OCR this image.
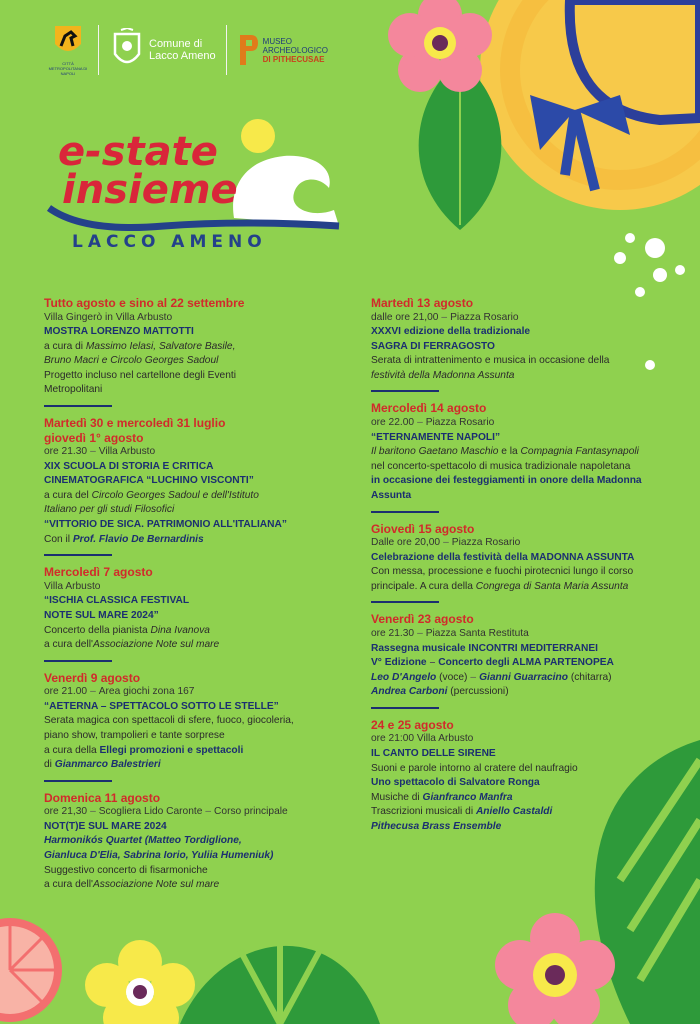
CITTÀ METROPOLITANA DI NAPOLI
Comune di
Lacco Ameno
MUSEO
ARCHEOLOGICO
DI PITHECUSAE
e-state
insieme
LACCO AMENO
Tutto agosto e sino al 22 settembre
Villa Gingerò in Villa Arbusto
MOSTRA LORENZO MATTOTTI
a cura di Massimo Ielasi, Salvatore Basile,
Bruno Macri e Circolo Georges Sadoul
Progetto incluso nel cartellone degli Eventi
Metropolitani
Martedì 30 e mercoledì 31 luglio
giovedì 1° agosto
ore 21.30 – Villa Arbusto
XIX SCUOLA DI STORIA E CRITICA
CINEMATOGRAFICA “LUCHINO VISCONTI”
a cura del Circolo Georges Sadoul e dell'Istituto
Italiano per gli studi Filosofici
“VITTORIO DE SICA. PATRIMONIO ALL'ITALIANA”
Con il Prof. Flavio De Bernardinis
Mercoledì 7 agosto
Villa Arbusto
“ISCHIA CLASSICA FESTIVAL
NOTE SUL MARE 2024”
Concerto della pianista Dina Ivanova
a cura dell'Associazione Note sul mare
Venerdì 9 agosto
ore 21.00 – Area giochi zona 167
“AETERNA – SPETTACOLO SOTTO LE STELLE”
Serata magica con spettacoli di sfere, fuoco, giocoleria,
piano show, trampolieri e tante sorprese
a cura della Ellegi promozioni e spettacoli
di Gianmarco Balestrieri
Domenica 11 agosto
ore 21,30 – Scogliera Lido Caronte – Corso principale
NOT(T)E SUL MARE 2024
Harmonikós Quartet (Matteo Tordiglione,
Gianluca D'Elia, Sabrina Iorio, Yuliia Humeniuk)
Suggestivo concerto di fisarmoniche
a cura dell'Associazione Note sul mare
Martedì 13 agosto
dalle ore 21,00 – Piazza Rosario
XXXVI edizione della tradizionale
SAGRA DI FERRAGOSTO
Serata di intrattenimento e musica in occasione della
festività della Madonna Assunta
Mercoledì 14 agosto
ore 22.00 – Piazza Rosario
“ETERNAMENTE NAPOLI”
Il baritono Gaetano Maschio e la Compagnia Fantasynapoli
nel concerto-spettacolo di musica tradizionale napoletana
in occasione dei festeggiamenti in onore della Madonna
Assunta
Giovedì 15 agosto
Dalle ore 20,00 – Piazza Rosario
Celebrazione della festività della MADONNA ASSUNTA
Con messa, processione e fuochi pirotecnici lungo il corso
principale. A cura della Congrega di Santa Maria Assunta
Venerdì 23 agosto
ore 21.30 – Piazza Santa Restituta
Rassegna musicale INCONTRI MEDITERRANEI
V° Edizione – Concerto degli ALMA PARTENOPEA
Leo D'Angelo (voce) – Gianni Guarracino (chitarra)
Andrea Carboni (percussioni)
24 e 25 agosto
ore 21:00 Villa Arbusto
IL CANTO DELLE SIRENE
Suoni e parole intorno al cratere del naufragio
Uno spettacolo di Salvatore Ronga
Musiche di Gianfranco Manfra
Trascrizioni musicali di Aniello Castaldi
Pithecusa Brass Ensemble
